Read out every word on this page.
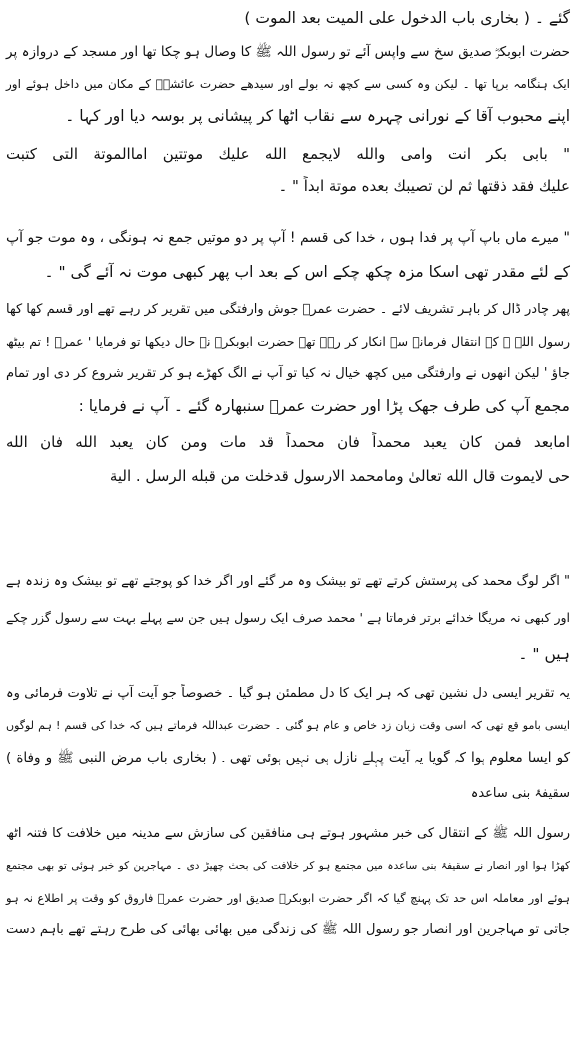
گئے ۔ ( بخاری باب الدخول علی المیت بعد الموت )
حضرت ابوبکرؓ صدیق سخ سے واپس آئے تو رسول اللہ ﷺ کا وصال ہو چکا تھا اور مسجد کے دروازہ پر
ایک ہنگامہ برپا تھا ۔ لیکن وہ کسی سے کچھ نہ بولے اور سیدھے حضرت عائشہؓ کے مکان میں داخل ہوئے اور
اپنے محبوب آقا کے نورانی چہرہ سے نقاب اٹھا کر پیشانی پر بوسہ دیا اور کہا ۔
" بابی بکر انت وامی والله لایجمع الله علیك موتتین اماالموتة التی کتبت
علیك فقد ذقتها ثم لن تصیبك بعده موتة ابداً " ۔
" میرے ماں باپ آپ پر فدا ہوں ، خدا کی قسم ! آپ پر دو موتیں جمع نہ ہونگی ، وہ موت جو آپ
کے لئے مقدر تھی اسکا مزہ چکھ چکے اس کے بعد اب پھر کبھی موت نہ آئے گی " ۔
پھر چادر ڈال کر باہر تشریف لائے ۔ حضرت عمرؓ جوش وارفتگی میں تقریر کر رہے تھے اور قسم کھا کھا
رسول اللہ ﷺ کے انتقال فرمانے سے انکار کر رہے تھے حضرت ابوبکرؓ نے حال دیکھا تو فرمایا ' عمرؓ ! تم بیٹھ
جاؤ ' لیکن انھوں نے وارفتگی میں کچھ خیال نہ کیا تو آپ نے الگ کھڑے ہو کر تقریر شروع کر دی اور تمام
مجمع آپ کی طرف جھک پڑا اور حضرت عمرؓ سنبھارہ گئے ۔ آپ نے فرمایا :
امابعد فمن کان یعبد محمداً فان محمداً قد مات ومن کان یعبد الله فان الله
حی لایموت قال الله تعالیٰ ومامحمد الارسول قدخلت من قبله الرسل . الیة
" اگر لوگ محمد کی پرستش کرتے تھے تو بیشک وہ مر گئے اور اگر خدا کو پوجتے تھے تو بیشک وہ زندہ ہے
اور کبھی نہ مریگا خدائے برتر فرماتا ہے ' محمد صرف ایک رسول ہیں جن سے پہلے بہت سے رسول گزر چکے
ہیں " ۔
یہ تقریر ایسی دل نشین تھی کہ ہر ایک کا دل مطمئن ہو گیا ۔ خصوصاً جو آیت آپ نے تلاوت فرمائی وہ
ایسی بامو قع تھی کہ اسی وقت زبان زد خاص و عام ہو گئی ۔ حضرت عبداللہ فرماتے ہیں کہ خدا کی قسم ! ہم لوگوں
کو ایسا معلوم ہوا کہ گویا یہ آیت پہلے نازل ہی نہیں ہوئی تھی ۔ ( بخاری باب مرض النبی ﷺ و وفاة )
سقیفۂ بنی ساعدہ
رسول اللہ ﷺ کے انتقال کی خبر مشہور ہوتے ہی منافقین کی سازش سے مدینہ میں خلافت کا فتنہ اٹھ
کھڑا ہوا اور انصار نے سقیفۂ بنی ساعدہ میں مجتمع ہو کر خلافت کی بحث چھیڑ دی ۔ مہاجرین کو خبر ہوئی تو بھی مجتمع
ہوئے اور معاملہ اس حد تک پہنچ گیا کہ اگر حضرت ابوبکرؓ صدیق اور حضرت عمرؓ فاروق کو وقت پر اطلاع نہ ہو
جاتی تو مہاجرین اور انصار جو رسول اللہ ﷺ کی زندگی میں بھائی بھائی کی طرح رہتے تھے باہم دست
